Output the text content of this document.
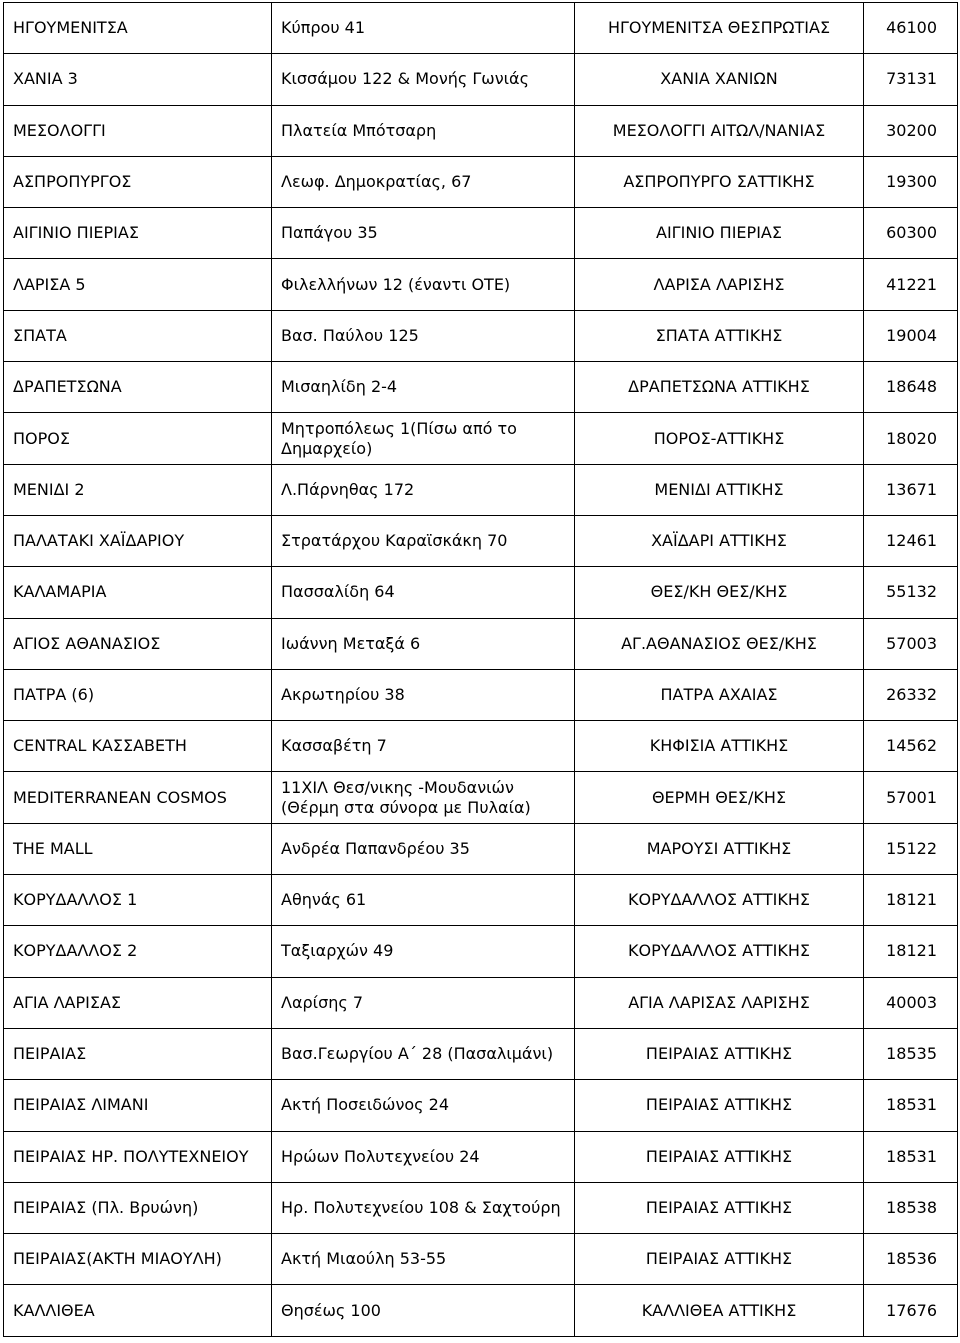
ΗΓΟΥΜΕΝΙΤΣΑ	Κύπρου 41	ΗΓΟΥΜΕΝΙΤΣΑ ΘΕΣΠΡΩΤΙΑΣ	46100
ΧΑΝΙΑ 3	Κισσάμου 122 & Μονής Γωνιάς	ΧΑΝΙΑ ΧΑΝΙΩΝ	73131
ΜΕΣΟΛΟΓΓΙ	Πλατεία Μπότσαρη	ΜΕΣΟΛΟΓΓΙ ΑΙΤΩΛ/ΝΑΝΙΑΣ	30200
ΑΣΠΡΟΠΥΡΓΟΣ	Λεωφ. Δημοκρατίας, 67	ΑΣΠΡΟΠΥΡΓΟ ΣΑΤΤΙΚΗΣ	19300
ΑΙΓΙΝΙΟ ΠΙΕΡΙΑΣ	Παπάγου 35	ΑΙΓΙΝΙΟ ΠΙΕΡΙΑΣ	60300
ΛΑΡΙΣΑ 5	Φιλελλήνων 12 (έναντι ΟΤΕ)	ΛΑΡΙΣΑ ΛΑΡΙΣΗΣ	41221
ΣΠΑΤΑ	Βασ. Παύλου 125	ΣΠΑΤΑ ΑΤΤΙΚΗΣ	19004
ΔΡΑΠΕΤΣΩΝΑ	Μισαηλίδη 2-4	ΔΡΑΠΕΤΣΩΝΑ ΑΤΤΙΚΗΣ	18648
ΠΟΡΟΣ	Μητροπόλεως 1(Πίσω από το Δημαρχείο)	ΠΟΡΟΣ-ΑΤΤΙΚΗΣ	18020
ΜΕΝΙΔΙ 2	Λ.Πάρνηθας 172	ΜΕΝΙΔΙ ΑΤΤΙΚΗΣ	13671
ΠΑΛΑΤΑΚΙ ΧΑΪΔΑΡΙΟΥ	Στρατάρχου Καραϊσκάκη 70	ΧΑΪΔΑΡΙ ΑΤΤΙΚΗΣ	12461
ΚΑΛΑΜΑΡΙΑ	Πασσαλίδη 64	ΘΕΣ/ΚΗ ΘΕΣ/ΚΗΣ	55132
ΑΓΙΟΣ ΑΘΑΝΑΣΙΟΣ	Ιωάννη Μεταξά 6	ΑΓ.ΑΘΑΝΑΣΙΟΣ ΘΕΣ/ΚΗΣ	57003
ΠΑΤΡΑ (6)	Ακρωτηρίου 38	ΠΑΤΡΑ ΑΧΑΙΑΣ	26332
CENTRAL ΚΑΣΣΑΒΕΤΗ	Κασσαβέτη 7	ΚΗΦΙΣΙΑ ΑΤΤΙΚΗΣ	14562
MEDITERRANEAN COSMOS	11ΧΙΛ Θεσ/νικης -Μουδανιών (Θέρμη στα σύνορα με Πυλαία)	ΘΕΡΜΗ ΘΕΣ/ΚΗΣ	57001
THE MALL	Ανδρέα Παπανδρέου 35	ΜΑΡΟΥΣΙ ΑΤΤΙΚΗΣ	15122
ΚΟΡΥΔΑΛΛΟΣ 1	Αθηνάς 61	ΚΟΡΥΔΑΛΛΟΣ ΑΤΤΙΚΗΣ	18121
ΚΟΡΥΔΑΛΛΟΣ 2	Ταξιαρχών 49	ΚΟΡΥΔΑΛΛΟΣ ΑΤΤΙΚΗΣ	18121
ΑΓΙΑ ΛΑΡΙΣΑΣ	Λαρίσης 7	ΑΓΙΑ ΛΑΡΙΣΑΣ ΛΑΡΙΣΗΣ	40003
ΠΕΙΡΑΙΑΣ	Βασ.Γεωργίου Α΄ 28 (Πασαλιμάνι)	ΠΕΙΡΑΙΑΣ ΑΤΤΙΚΗΣ	18535
ΠΕΙΡΑΙΑΣ ΛΙΜΑΝΙ	Ακτή Ποσειδώνος 24	ΠΕΙΡΑΙΑΣ ΑΤΤΙΚΗΣ	18531
ΠΕΙΡΑΙΑΣ ΗΡ. ΠΟΛΥΤΕΧΝΕΙΟΥ	Ηρώων Πολυτεχνείου 24	ΠΕΙΡΑΙΑΣ ΑΤΤΙΚΗΣ	18531
ΠΕΙΡΑΙΑΣ (Πλ. Βρυώνη)	Ηρ. Πολυτεχνείου 108 & Σαχτούρη	ΠΕΙΡΑΙΑΣ ΑΤΤΙΚΗΣ	18538
ΠΕΙΡΑΙΑΣ(ΑΚΤΗ ΜΙΑΟΥΛΗ)	Ακτή Μιαούλη 53-55	ΠΕΙΡΑΙΑΣ ΑΤΤΙΚΗΣ	18536
ΚΑΛΛΙΘΕΑ	Θησέως 100	ΚΑΛΛΙΘΕΑ ΑΤΤΙΚΗΣ	17676
